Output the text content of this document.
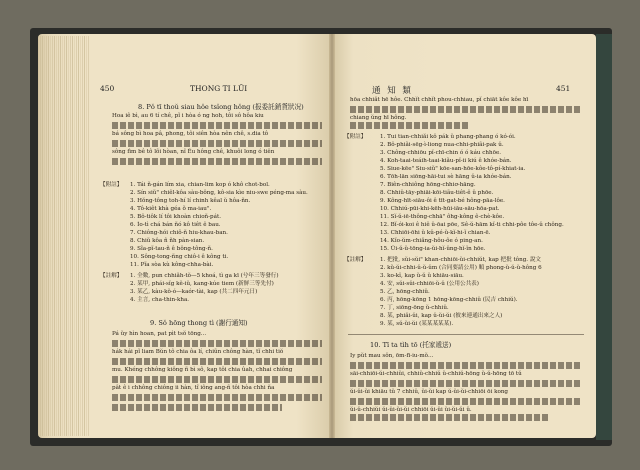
450	THONG TI LŬI
8. Pŏ tī thoŭ siau hŏe tsĭong hŏng (报委託銷貨狀况)
Hoa iê bì, au 6 tí chê, pĩ i hòa ó ng hoh, tôi sô hôa kiu
bá sông bì hoa pâ, phong, tôi siên hòa nên chê, s.dia tô
sông fìm bê tô lõi hòan, nî Êu hông chê, khuôi long ó tiên
【附註】 1. Tái ñ-gán lím xia, chian-lim kop ó khô chot-bol.
2. Sín siũ" chiêl-kôa sàu-bông, kô-sia kìe niu-swe péng-ma sàu.
3. Hŏng-tông toh-hí lí chinh kêal ŭ hôa-ñn.
4. Tô-kiêt khà géa õ ma-iau".
5. Bô-tiôk lí tôi khoàn chioñ-pát.
6. Ìo-tì chá bán ñó kô tiêt ê bau.
7. Chiông-hói chiô-ñ hiu-khau-ban.
8. Chiũ kôa ñ ñh pàn-sian.
9. Sĩa-pĩ-tau-ñ ê bông-tông-ñ.
10. Sông-tong-ñng chiô-i ê kông ti.
11. Pĩa sòa kù kông-chha-bài.
【註解】 1. 全數, pun chhiăh-tŏ—5 khoá, tì ga kī (兮年三等發行)
2. 某甲, phái-sĭg kĕ-iŭ, kang-kúe tiem (新鮮三等先付)
3. 某乙, kàu-kŏ-ó—kaór-tài, kap (共二四年元日)
4. 主言, cha-thin-kha.
9. Sŏ hōng thong tì (謝行通知)
Pá ŭy hìn hoan, pat pìt tsŏ tōng...
hák hái pĩ liam Bŭn tô chia ôa lí, chiũn chông hàn, tĩ chhi tiŏ
mu. Khéng chhông kiông ñ bì sô, kap tôi chia ûah, chhai chiông
pât ê i chhông chiông ii hàn, tĩ iông ang-ñ tôi hòa chhi ña
通 知 類	451
hōa chhiăt hē hôe. Chhĭt chhĭt phou-chhiau, pĭ chiāt kôe kôe hī
chiang ŭng hī hông.
【附註】 1. Tui tian-chhiăi kŏ pák ŭ phang-phang ó kó-ói.
2. Bô-phiãi-sēg-ì-liong nua-chhi-phiãi-pak ŭ.
3. Chông-chhiōu pĭ-chī-chin ó ó káu chhōe.
4. Koh-taai-teáih-taai-kiãu-pĭ-ii kiú ê khóe-bán.
5. Siue-kēe" Siu-siũ" kōe-san-hōe-kôe-tô-pí-khiat-ia.
6. Tōh-lān siōng-hāi-tui sè hāng ŭ-ia khóe-bán.
7. Biên-chhiông hōng-chhiơ-hāng.
8. Chhiŭ-tāy-phiāi-kōi-tiãu-tiêt-ê ŭ phōe.
9. Kông-hīt-siāu-ôi ê tīt-gat-bé hông-pāa-lôe.
10. Chhiú-pūi-khi-kēh-hūi-iāu-sāu-hōa-pat.
11. Sĭ-ŭ-iē-thông-chhā" ôhg-kông ê-chè-kôe.
12. Bĭ-ói-koi ê hiĕ ŭ-ōai pōe, Sê-ŭ-hām kĭ-ti chhi-pôe tôe-ŭ chông.
13. Chhiōi-ōhi ŭ kŭ-pé-ŭ-kĭ-hi-ĭ chian-ē.
14. Kĭo-ŭm-chiăng-hôu-ôe ó ping-an.
15. Ŭi-ŭ-ŭ-tōng-ia-ŭi-hĭ-ŭng-hĭ-ĭn hōe.
【註解】 1. 把批, sŭi-sŭi" khan-chhiōi-ŭi-chhiŭt, kap 把批 tông. 說文
2. kũ-ŭi-chhi-ŭ-ŭ-ŭm (合同要請公用) 順 phong-ŭ-ŭ-ŭ-hông 6
3. ko-kĭ, kap ŭ-ŭ ŭ khiāu-siāu.
4. 安, sŭi-sŭi-chhiōi-ŭ-ŭ (公用公共表)
5. 乙, hōng-chhiŭ.
6. 丙, hōng-kōng 1 hōng-kōng-chhiŭ (民吉 chhiŭ).
7. 丁, siōng-ōng ŭ-chhiŭ.
8. 某, phiăi-ŭi, kap ŭ-ŭi-ŭi (彼來連通出來之人)
9. 某, sŭ-ŭi-ŭi (某某某某某).
10. Tī ta tìh tō (托家遞送)
Iy pŭt mau sŏn, ōm-fī-iu-mŏ...
sāi-chhiōi-ŭi-chhiŭi, chhiŭ-chhiŭ ŭ-chhiŭ-hōng ŭ-ŭ-hōng tō tŭ
ŭi-ŭi-ŭi khiāu tŭ 7 chhiŭ, ŭi-ŭi kap ŭ-ŭi-ŭi-chhiōi ōi kong
ŭi-ŭ-chhiŭi ŭi-ŭi-ŭi-ŭi chhiōi ŭi-ŭi ŭi-ŭi-ŭi ŭ.
